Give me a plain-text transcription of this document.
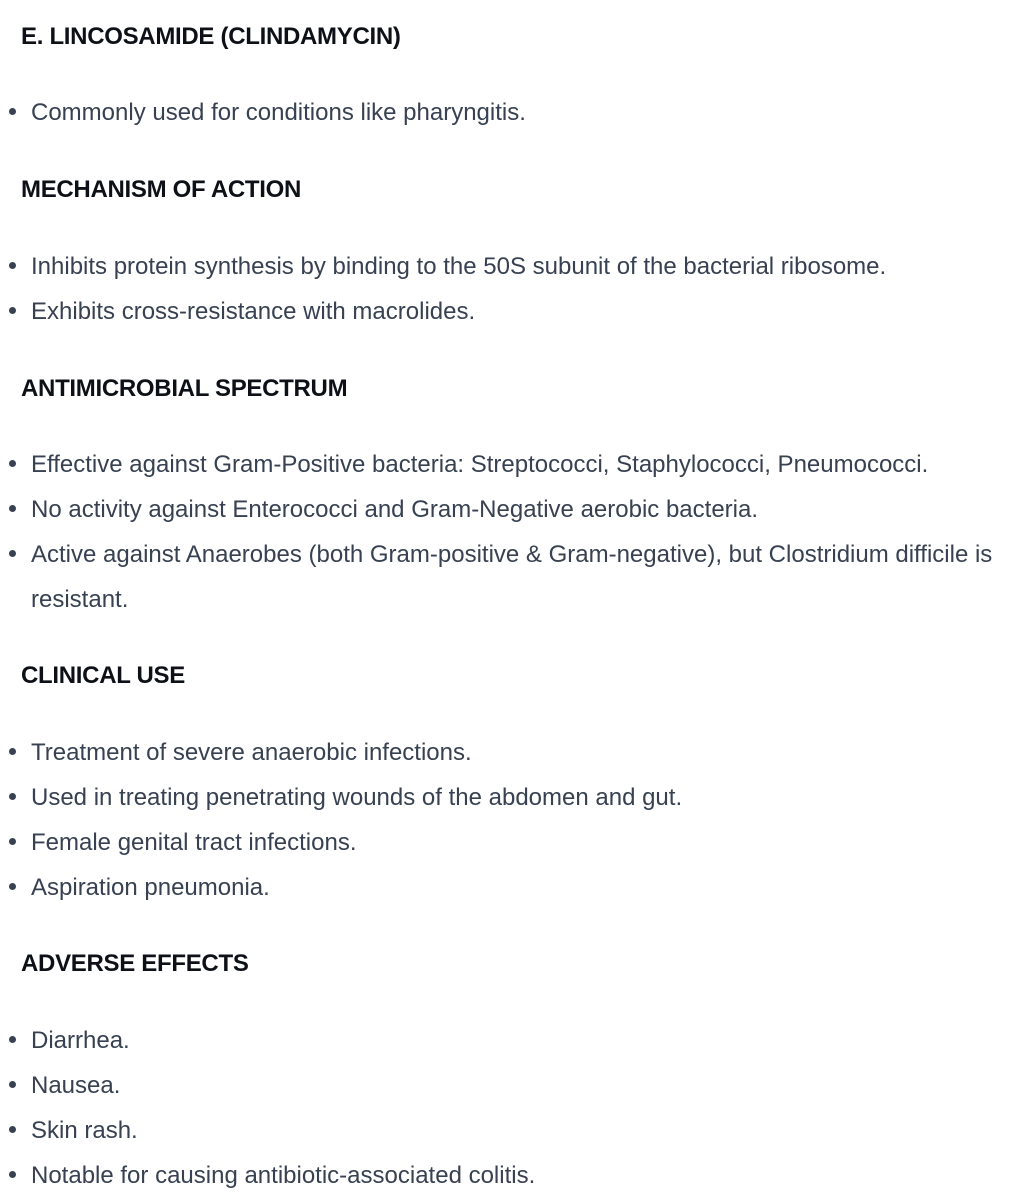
E. LINCOSAMIDE (CLINDAMYCIN)
Commonly used for conditions like pharyngitis.
MECHANISM OF ACTION
Inhibits protein synthesis by binding to the 50S subunit of the bacterial ribosome.
Exhibits cross-resistance with macrolides.
ANTIMICROBIAL SPECTRUM
Effective against Gram-Positive bacteria: Streptococci, Staphylococci, Pneumococci.
No activity against Enterococci and Gram-Negative aerobic bacteria.
Active against Anaerobes (both Gram-positive & Gram-negative), but Clostridium difficile is resistant.
CLINICAL USE
Treatment of severe anaerobic infections.
Used in treating penetrating wounds of the abdomen and gut.
Female genital tract infections.
Aspiration pneumonia.
ADVERSE EFFECTS
Diarrhea.
Nausea.
Skin rash.
Notable for causing antibiotic-associated colitis.
